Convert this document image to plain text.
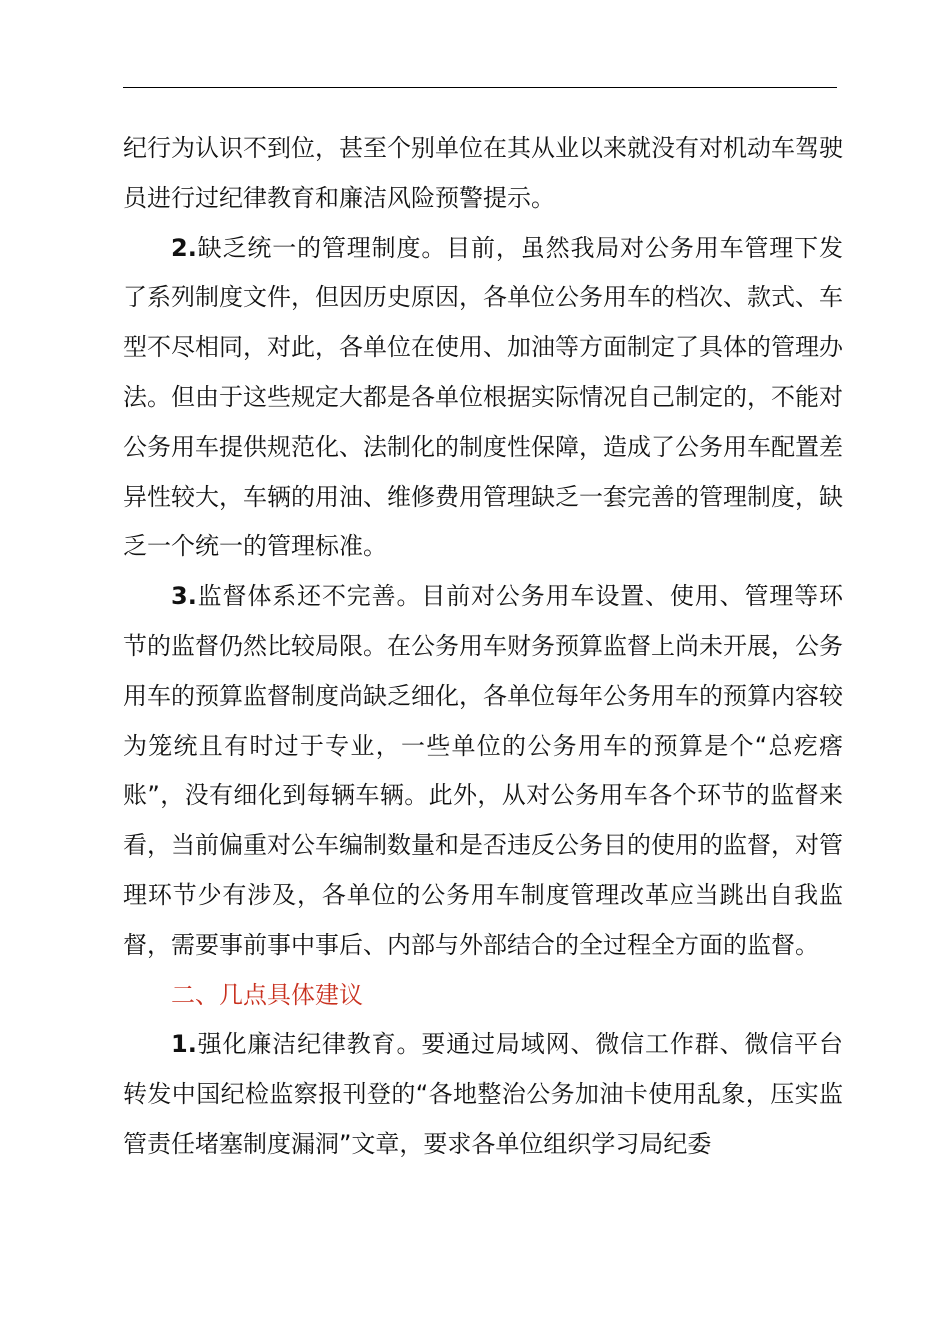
纪行为认识不到位，甚至个别单位在其从业以来就没有对机动车驾驶员进行过纪律教育和廉洁风险预警提示。

2.缺乏统一的管理制度。目前，虽然我局对公务用车管理下发了系列制度文件，但因历史原因，各单位公务用车的档次、款式、车型不尽相同，对此，各单位在使用、加油等方面制定了具体的管理办法。但由于这些规定大都是各单位根据实际情况自己制定的，不能对公务用车提供规范化、法制化的制度性保障，造成了公务用车配置差异性较大，车辆的用油、维修费用管理缺乏一套完善的管理制度，缺乏一个统一的管理标准。

3.监督体系还不完善。目前对公务用车设置、使用、管理等环节的监督仍然比较局限。在公务用车财务预算监督上尚未开展，公务用车的预算监督制度尚缺乏细化，各单位每年公务用车的预算内容较为笼统且有时过于专业，一些单位的公务用车的预算是个“总疙瘩账”，没有细化到每辆车辆。此外，从对公务用车各个环节的监督来看，当前偏重对公车编制数量和是否违反公务目的使用的监督，对管理环节少有涉及，各单位的公务用车制度管理改革应当跳出自我监督，需要事前事中事后、内部与外部结合的全过程全方面的监督。

二、几点具体建议

1.强化廉洁纪律教育。要通过局域网、微信工作群、微信平台转发中国纪检监察报刊登的“各地整治公务加油卡使用乱象，压实监管责任堵塞制度漏洞”文章，要求各单位组织学习局纪委
